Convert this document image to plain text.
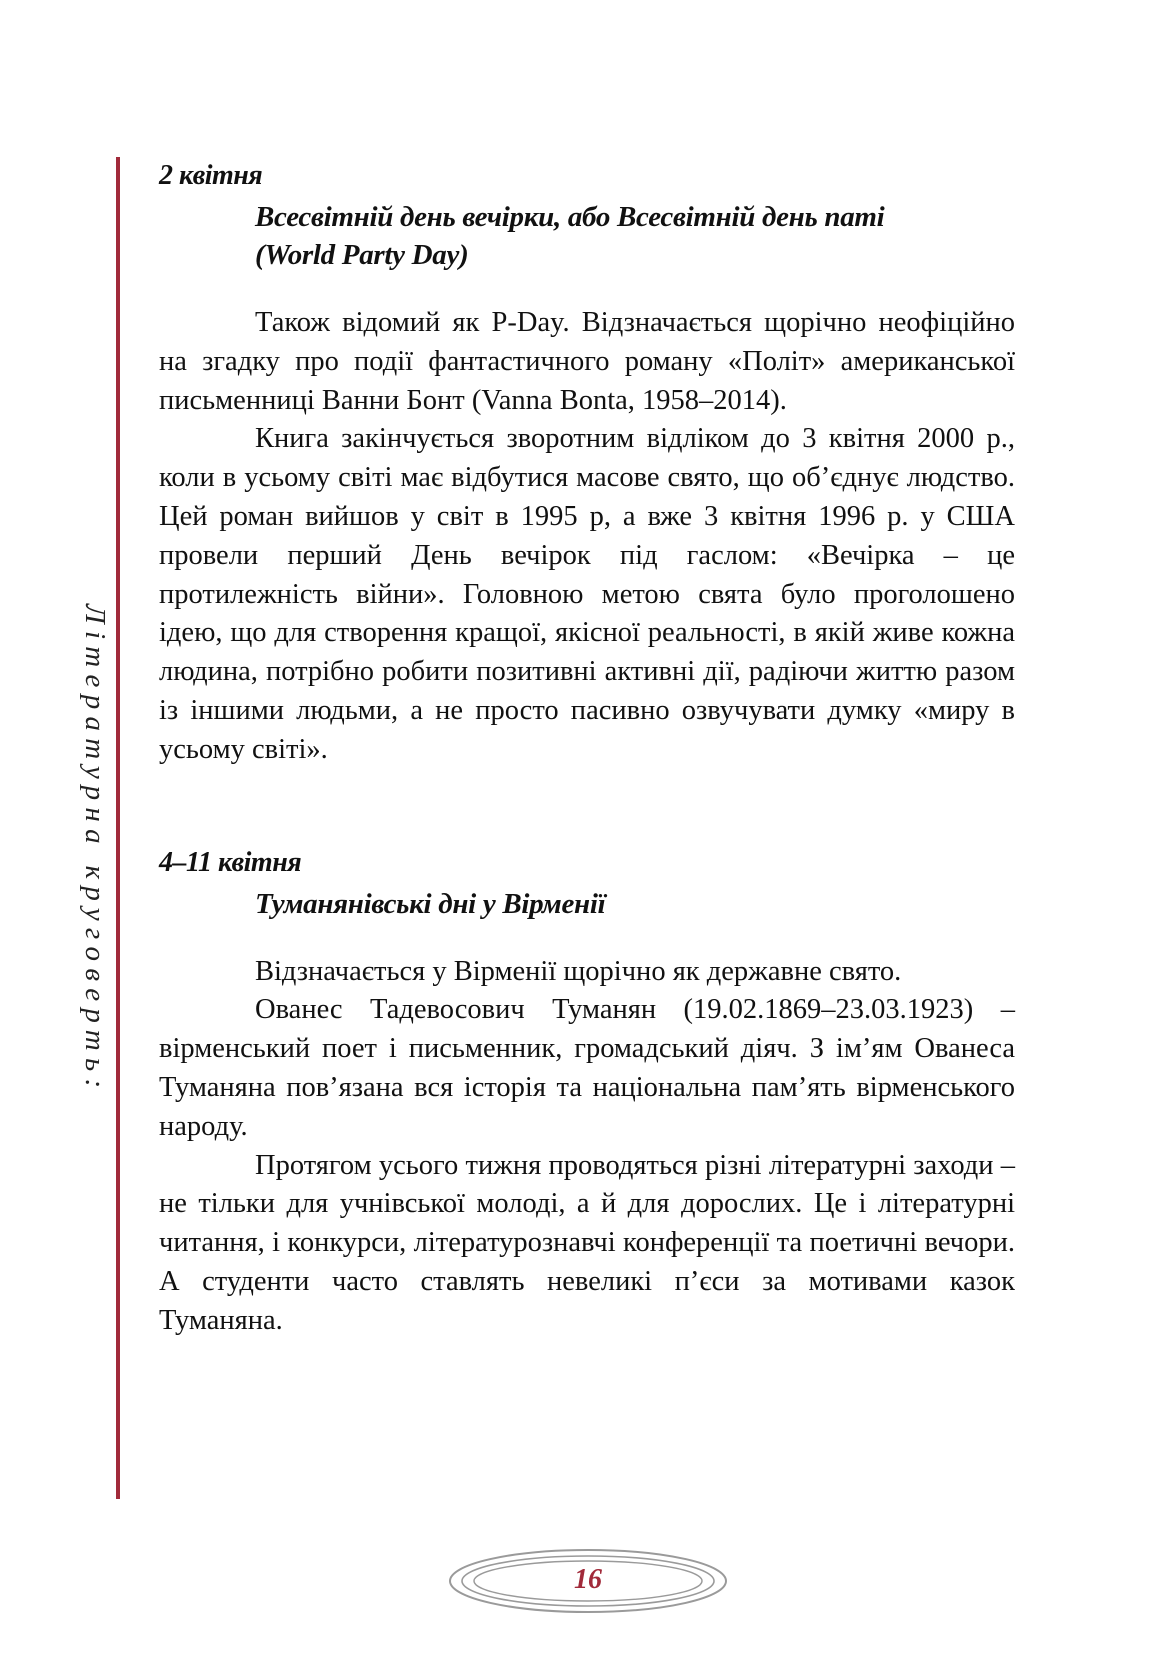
Літературна круговерть:

2 квітня

Всесвітній день вечірки, або Всесвітній день паті
(World Party Day)

Також відомий як P-Day. Відзначається щорічно неофіційно на згадку про події фантастичного роману «Політ» американської письменниці Ванни Бонт (Vanna Bonta, 1958–2014).

Книга закінчується зворотним відліком до 3 квітня 2000 р., коли в усьому світі має відбутися масове свято, що об’єднує людство. Цей роман вийшов у світ в 1995 р, а вже 3 квітня 1996 р. у США провели перший День вечірок під гаслом: «Вечірка – це протилежність війни». Головною метою свята було проголошено ідею, що для створення кращої, якісної реальності, в якій живе кожна людина, потрібно робити позитивні активні дії, радіючи життю разом із іншими людьми, а не просто пасивно озвучувати думку «миру в усьому світі».

4–11 квітня

Туманянівські дні у Вірменії

Відзначається у Вірменії щорічно як державне свято.

Ованес Тадевосович Туманян (19.02.1869–23.03.1923) – вірменський поет і письменник, громадський діяч. З ім’ям Ованеса Туманяна пов’язана вся історія та національна пам’ять вірменського народу.

Протягом усього тижня проводяться різні літературні заходи – не тільки для учнівської молоді, а й для дорослих. Це і літературні читання, і конкурси, літературознавчі конференції та поетичні вечори. А студенти часто ставлять невеликі п’єси за мотивами казок Туманяна.

16
